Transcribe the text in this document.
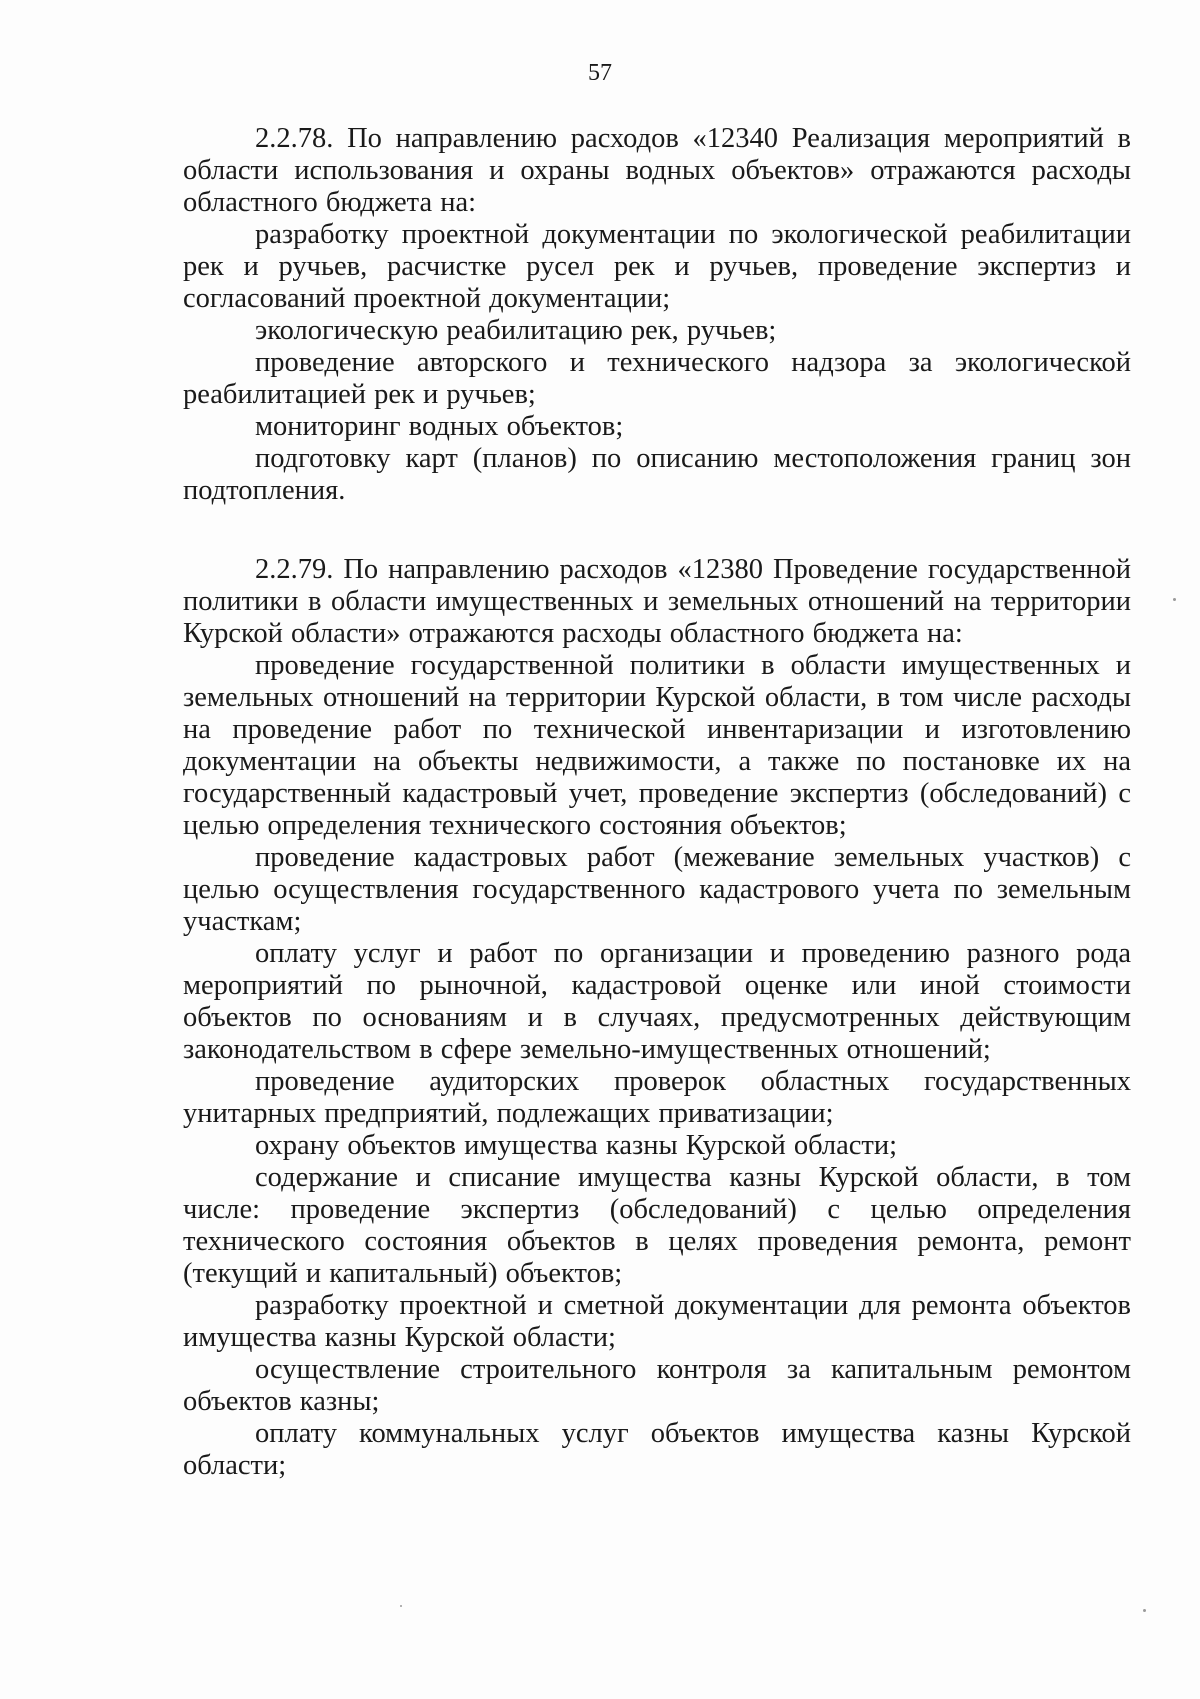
57

2.2.78. По направлению расходов «12340 Реализация мероприятий в области использования и охраны водных объектов» отражаются расходы областного бюджета на:

разработку проектной документации по экологической реабилитации рек и ручьев, расчистке русел рек и ручьев, проведение экспертиз и согласований проектной документации;

экологическую реабилитацию рек, ручьев;

проведение авторского и технического надзора за экологической реабилитацией рек и ручьев;

мониторинг водных объектов;

подготовку карт (планов) по описанию местоположения границ зон подтопления.

2.2.79. По направлению расходов «12380 Проведение государственной политики в области имущественных и земельных отношений на территории Курской области» отражаются расходы областного бюджета на:

проведение государственной политики в области имущественных и земельных отношений на территории Курской области, в том числе расходы на проведение работ по технической инвентаризации и изготовлению документации на объекты недвижимости, а также по постановке их на государственный кадастровый учет, проведение экспертиз (обследований) с целью определения технического состояния объектов;

проведение кадастровых работ (межевание земельных участков) с целью осуществления государственного кадастрового учета по земельным участкам;

оплату услуг и работ по организации и проведению разного рода мероприятий по рыночной, кадастровой оценке или иной стоимости объектов по основаниям и в случаях, предусмотренных действующим законодательством в сфере земельно-имущественных отношений;

проведение аудиторских проверок областных государственных унитарных предприятий, подлежащих приватизации;

охрану объектов имущества казны Курской области;

содержание и списание имущества казны Курской области, в том числе: проведение экспертиз (обследований) с целью определения технического состояния объектов в целях проведения ремонта, ремонт (текущий и капитальный) объектов;

разработку проектной и сметной документации для ремонта объектов имущества казны Курской области;

осуществление строительного контроля за капитальным ремонтом объектов казны;

оплату коммунальных услуг объектов имущества казны Курской области;
